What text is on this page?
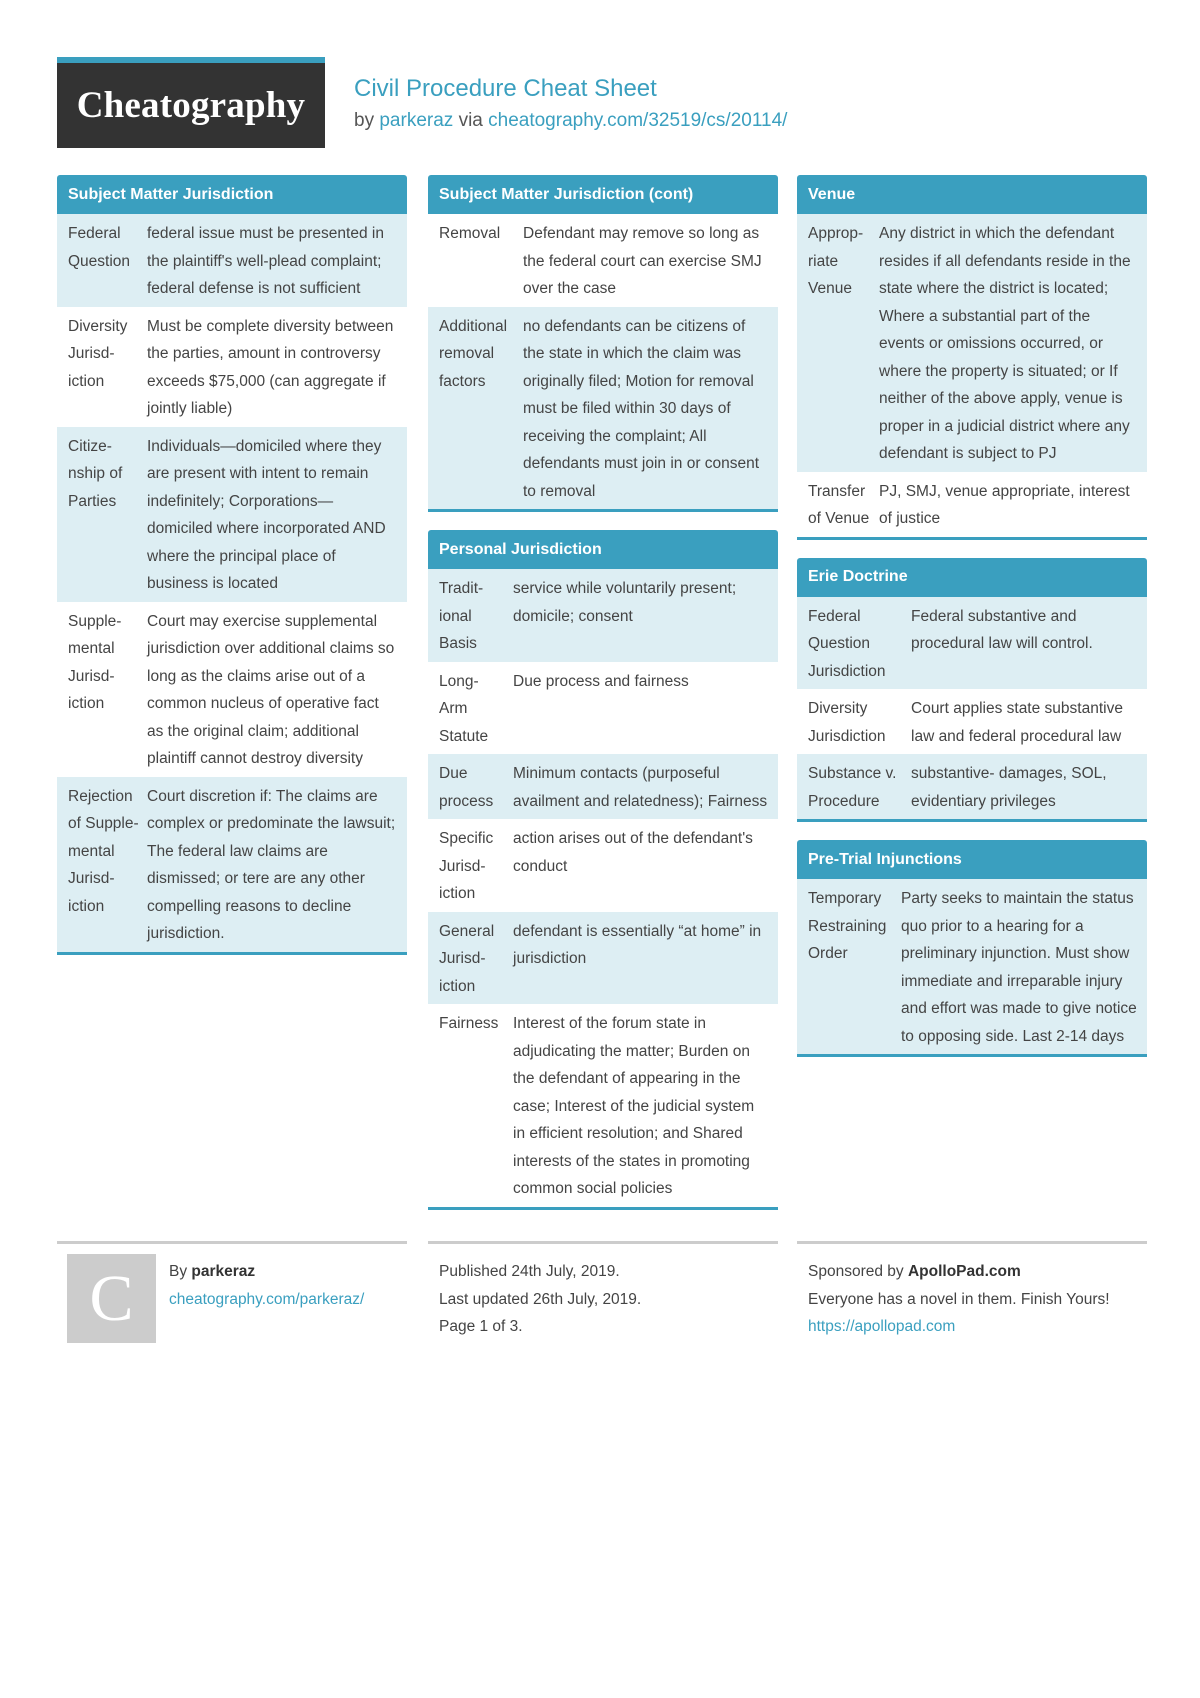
Cheatography Civil Procedure Cheat Sheet
by parkeraz via cheatography.com/32519/cs/20114/
Subject Matter Jurisdiction
Federal Question
federal issue must be presented in the plaintiff's well-plead complaint; federal defense is not sufficient
Diversity Jurisdiction
Must be complete diversity between the parties, amount in controversy exceeds $75,000 (can aggregate if jointly liable)
Citizenship of Parties
Individuals—domiciled where they are present with intent to remain indefinitely; Corporations—domiciled where incorporated AND where the principal place of business is located
Supplemental Jurisdiction
Court may exercise supplemental jurisdiction over additional claims so long as the claims arise out of a common nucleus of operative fact as the original claim; additional plaintiff cannot destroy diversity
Rejection of Supplemental Jurisdiction
Court discretion if: The claims are complex or predominate the lawsuit; The federal law claims are dismissed; or tere are any other compelling reasons to decline jurisdiction.
Subject Matter Jurisdiction (cont)
Removal	Defendant may remove so long as the federal court can exercise SMJ over the case
Additional removal factors
no defendants can be citizens of the state in which the claim was originally filed; Motion for removal must be filed within 30 days of receiving the complaint; All defendants must join in or consent to removal
Personal Jurisdiction
Traditional Basis
service while voluntarily present; domicile; consent
Long-Arm Statute
Due process and fairness
Due process
Minimum contacts (purposeful availment and relatedness); Fairness
Specific Jurisdiction
action arises out of the defendant's conduct
General Jurisdiction
defendant is essentially “at home” in jurisdiction
Fairness Interest of the forum state in adjudicating the matter; Burden on the defendant of appearing in the case; Interest of the judicial system in efficient resolution; and Shared interests of the states in promoting common social policies
Venue
Appropriate Venue
Any district in which the defendant resides if all defendants reside in the state where the district is located; Where a substantial part of the events or omissions occurred, or where the property is situated; or If neither of the above apply, venue is proper in a judicial district where any defendant is subject to PJ
Transfer of Venue
PJ, SMJ, venue appropriate, interest of justice
Erie Doctrine
Federal Question Jurisdiction
Federal substantive and procedural law will control.
Diversity Jurisdiction
Court applies state substantive law and federal procedural law
Substance v. Procedure
substantive- damages, SOL, evidentiary privileges
Pre-Trial Injunctions
Temporary Restraining Order
Party seeks to maintain the status quo prior to a hearing for a preliminary injunction. Must show immediate and irreparable injury and effort was made to give notice to opposing side. Last 2-14 days
C	By parkeraz
cheatography.com/parkeraz/
Published 24th July, 2019.
Last updated 26th July, 2019.
Page 1 of 3.
Sponsored by ApolloPad.com
Everyone has a novel in them. Finish Yours!
https://apollopad.com
